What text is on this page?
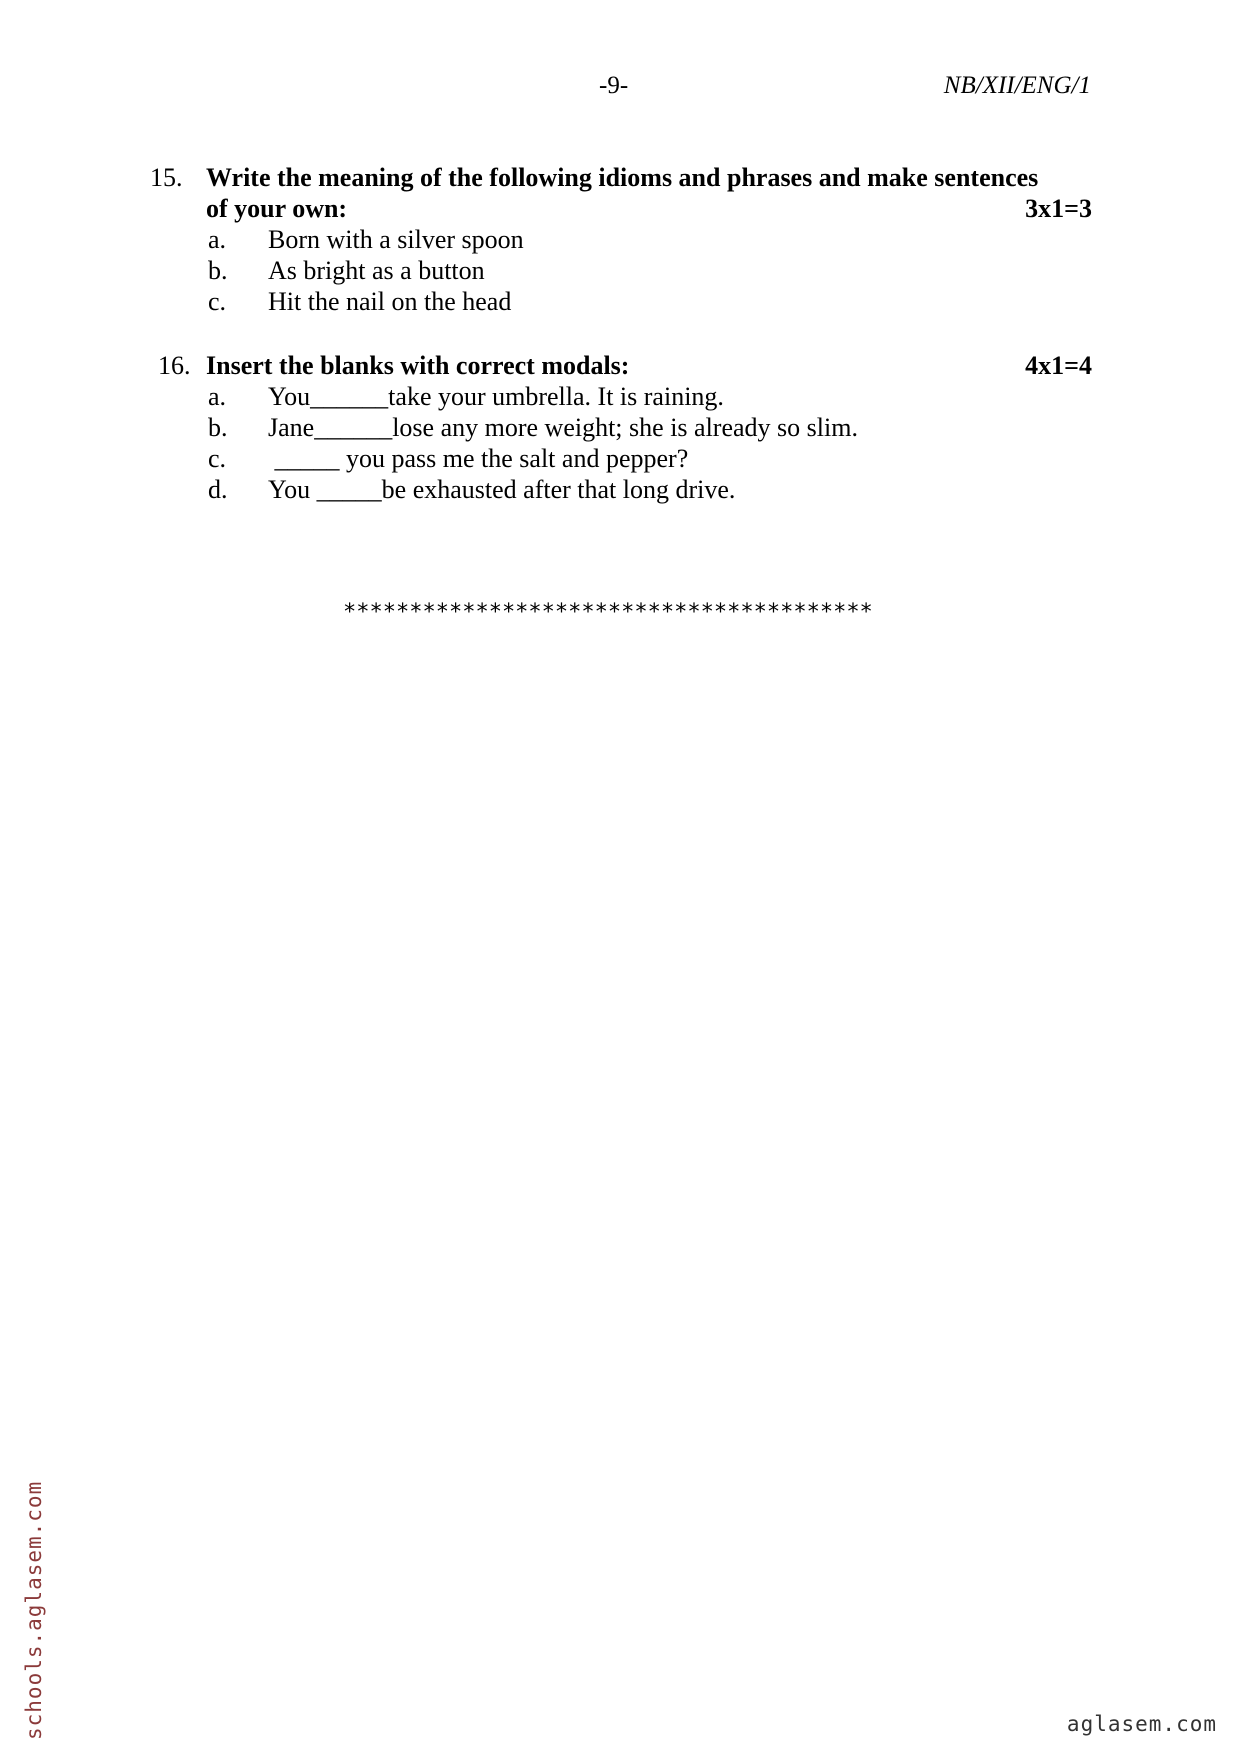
-9-	NB/XII/ENG/1
15. Write the meaning of the following idioms and phrases and make sentences
of your own:	3x1=3
a. Born with a silver spoon
b. As bright as a button
c. Hit the nail on the head
16. Insert the blanks with correct modals:	4x1=4
a. You______take your umbrella. It is raining.
b. Jane______lose any more weight; she is already so slim.
c. _____ you pass me the salt and pepper?
d. You _____be exhausted after that long drive.
****************************************
schools.aglasem.com	aglasem.com
